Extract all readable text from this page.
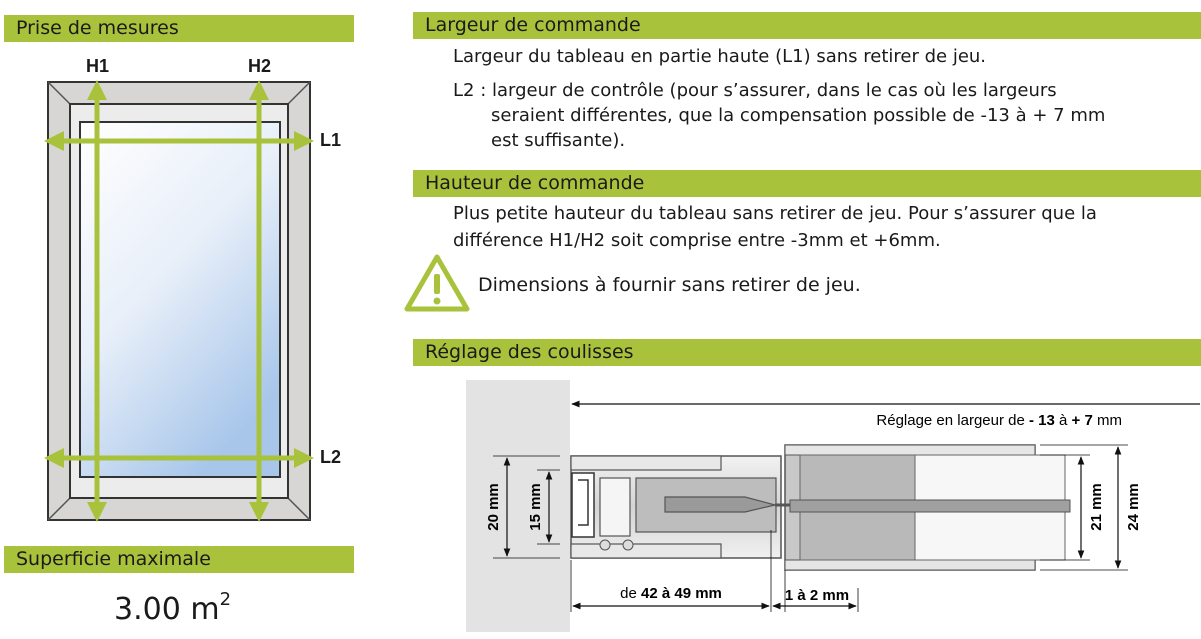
Prise de mesures
H1	H2
L1
L2
Superficie maximale
3.00 $m^2$
Largeur de commande
Largeur du tableau en partie haute (L1) sans retirer de jeu.
L2 : largeur de contrôle (pour s’assurer, dans le cas où les largeurs
seraient différentes, que la compensation possible de -13 à + 7 mm
est suffisante).
Hauteur de commande
Plus petite hauteur du tableau sans retirer de jeu. Pour s’assurer que la
différence H1/H2 soit comprise entre -3mm et +6mm.
Dimensions à fournir sans retirer de jeu.
Réglage des coulisses
Réglage en largeur de - 13 à + 7 mm
20 mm 15 mm	21 mm 24 mm
de 42 à 49 mm	1 à 2 mm
